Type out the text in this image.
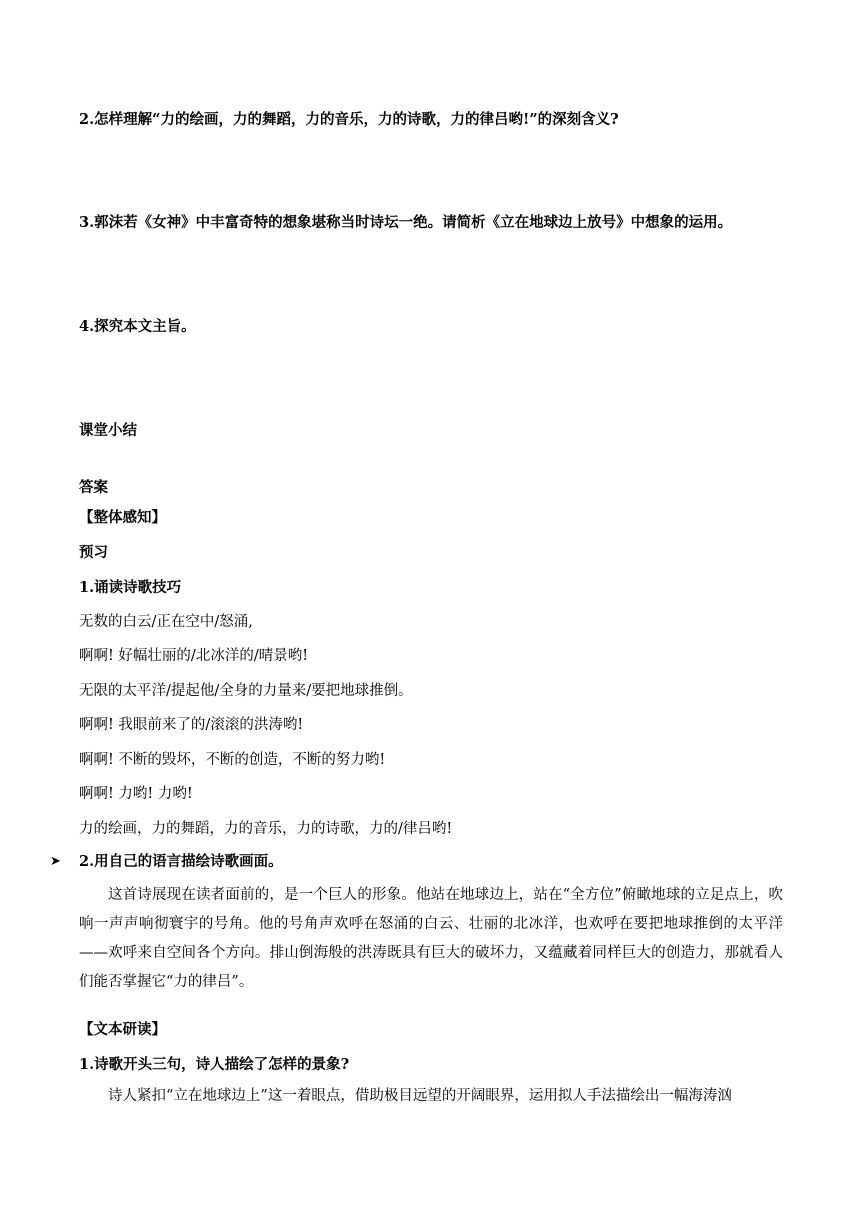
2.怎样理解“力的绘画，力的舞蹈，力的音乐，力的诗歌，力的律吕哟!”的深刻含义?
3.郭沫若《女神》中丰富奇特的想象堪称当时诗坛一绝。请简析《立在地球边上放号》中想象的运用。
4.探究本文主旨。
课堂小结
答案
【整体感知】
预习
1.诵读诗歌技巧
无数的白云/正在空中/怒涌,
啊啊! 好幅壮丽的/北冰洋的/晴景哟!
无限的太平洋/提起他/全身的力量来/要把地球推倒。
啊啊! 我眼前来了的/滚滚的洪涛哟!
啊啊! 不断的毁坏，不断的创造，不断的努力哟!
啊啊! 力哟! 力哟!
力的绘画，力的舞蹈，力的音乐，力的诗歌，力的/律吕哟!
➤ 2.用自己的语言描绘诗歌画面。
这首诗展现在读者面前的，是一个巨人的形象。他站在地球边上，站在“全方位”俯瞰地球的立足点上，吹响一声声响彻寰宇的号角。他的号角声欢呼在怒涌的白云、壮丽的北冰洋，也欢呼在要把地球推倒的太平洋——欢呼来自空间各个方向。排山倒海般的洪涛既具有巨大的破坏力，又蕴藏着同样巨大的创造力，那就看人们能否掌握它“力的律吕”。
【文本研读】
1.诗歌开头三句，诗人描绘了怎样的景象?
诗人紧扣“立在地球边上”这一着眼点，借助极目远望的开阔眼界，运用拟人手法描绘出一幅海涛汹
